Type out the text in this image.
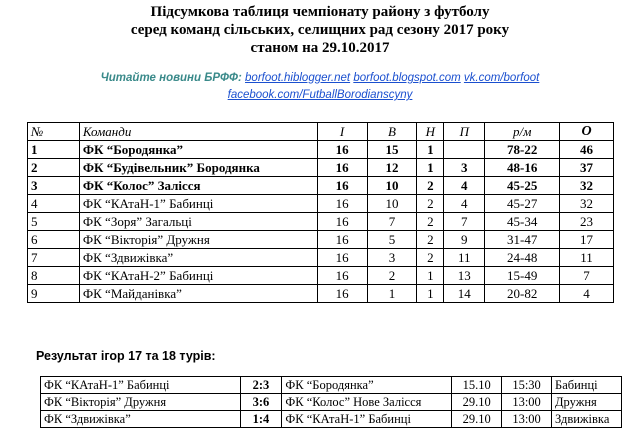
Підсумкова таблиця чемпіонату району з футболу
серед команд сільських, селищних рад сезону 2017 року
станом на 29.10.2017
Читайте новини БРФФ: borfoot.hiblogger.net borfoot.blogspot.com vk.com/borfoot
facebook.com/FutballBorodianscyny
№	Команди	І	В	Н	П	р/м	О
1	ФК “Бородянка”	16	15	1		78-22	46
2	ФК “Будівельник” Бородянка	16	12	1	3	48-16	37
3	ФК “Колос” Залісся	16	10	2	4	45-25	32
4	ФК “КАтаН-1” Бабинці	16	10	2	4	45-27	32
5	ФК “Зоря” Загальці	16	7	2	7	45-34	23
6	ФК “Вікторія” Дружня	16	5	2	9	31-47	17
7	ФК “Здвижівка”	16	3	2	11	24-48	11
8	ФК “КАтаН-2” Бабинці	16	2	1	13	15-49	7
9	ФК “Майданівка”	16	1	1	14	20-82	4
Результат ігор 17 та 18 турів:
ФК “КАтаН-1” Бабинці	2:3	ФК “Бородянка”	15.10	15:30	Бабинці
ФК “Вікторія” Дружня	3:6	ФК “Колос” Нове Залісся	29.10	13:00	Дружня
ФК “Здвижівка”	1:4	ФК “КАтаН-1” Бабинці	29.10	13:00	Здвижівка
